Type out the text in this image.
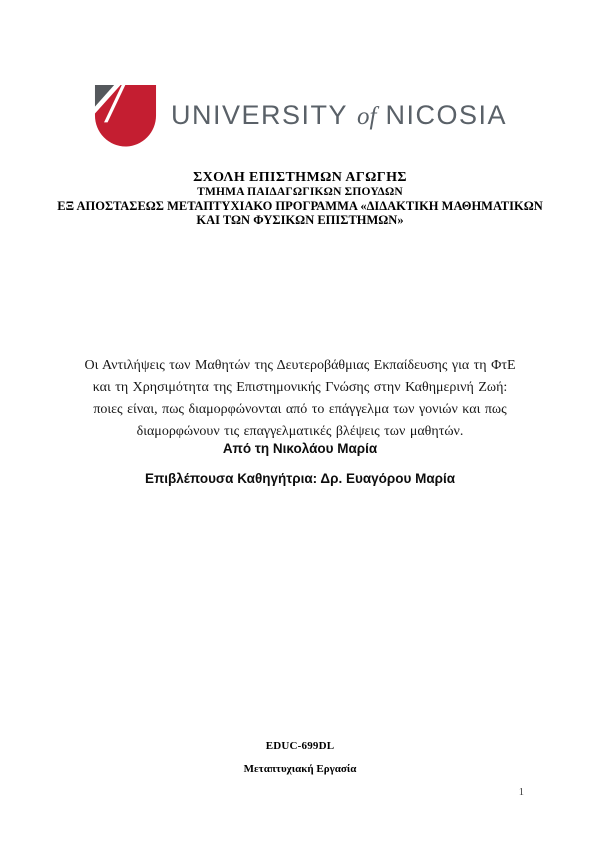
UNIVERSITY of NICOSIA
ΣΧΟΛΗ ΕΠΙΣΤΗΜΩΝ ΑΓΩΓΗΣ
ΤΜΗΜΑ ΠΑΙΔΑΓΩΓΙΚΩΝ ΣΠΟΥΔΩΝ
ΕΞ ΑΠΟΣΤΑΣΕΩΣ ΜΕΤΑΠΤΥΧΙΑΚΟ ΠΡΟΓΡΑΜΜΑ «ΔΙΔΑΚΤΙΚΗ ΜΑΘΗΜΑΤΙΚΩΝ
ΚΑΙ ΤΩΝ ΦΥΣΙΚΩΝ ΕΠΙΣΤΗΜΩΝ»
Οι Αντιλήψεις των Μαθητών της Δευτεροβάθμιας Εκπαίδευσης για τη ΦτΕ
και τη Χρησιμότητα της Επιστημονικής Γνώσης στην Καθημερινή Ζωή:
ποιες είναι, πως διαμορφώνονται από το επάγγελμα των γονιών και πως
διαμορφώνουν τις επαγγελματικές βλέψεις των μαθητών.
Από τη Νικολάου Μαρία
Επιβλέπουσα Καθηγήτρια: Δρ. Ευαγόρου Μαρία
EDUC-699DL
Μεταπτυχιακή Εργασία
1
